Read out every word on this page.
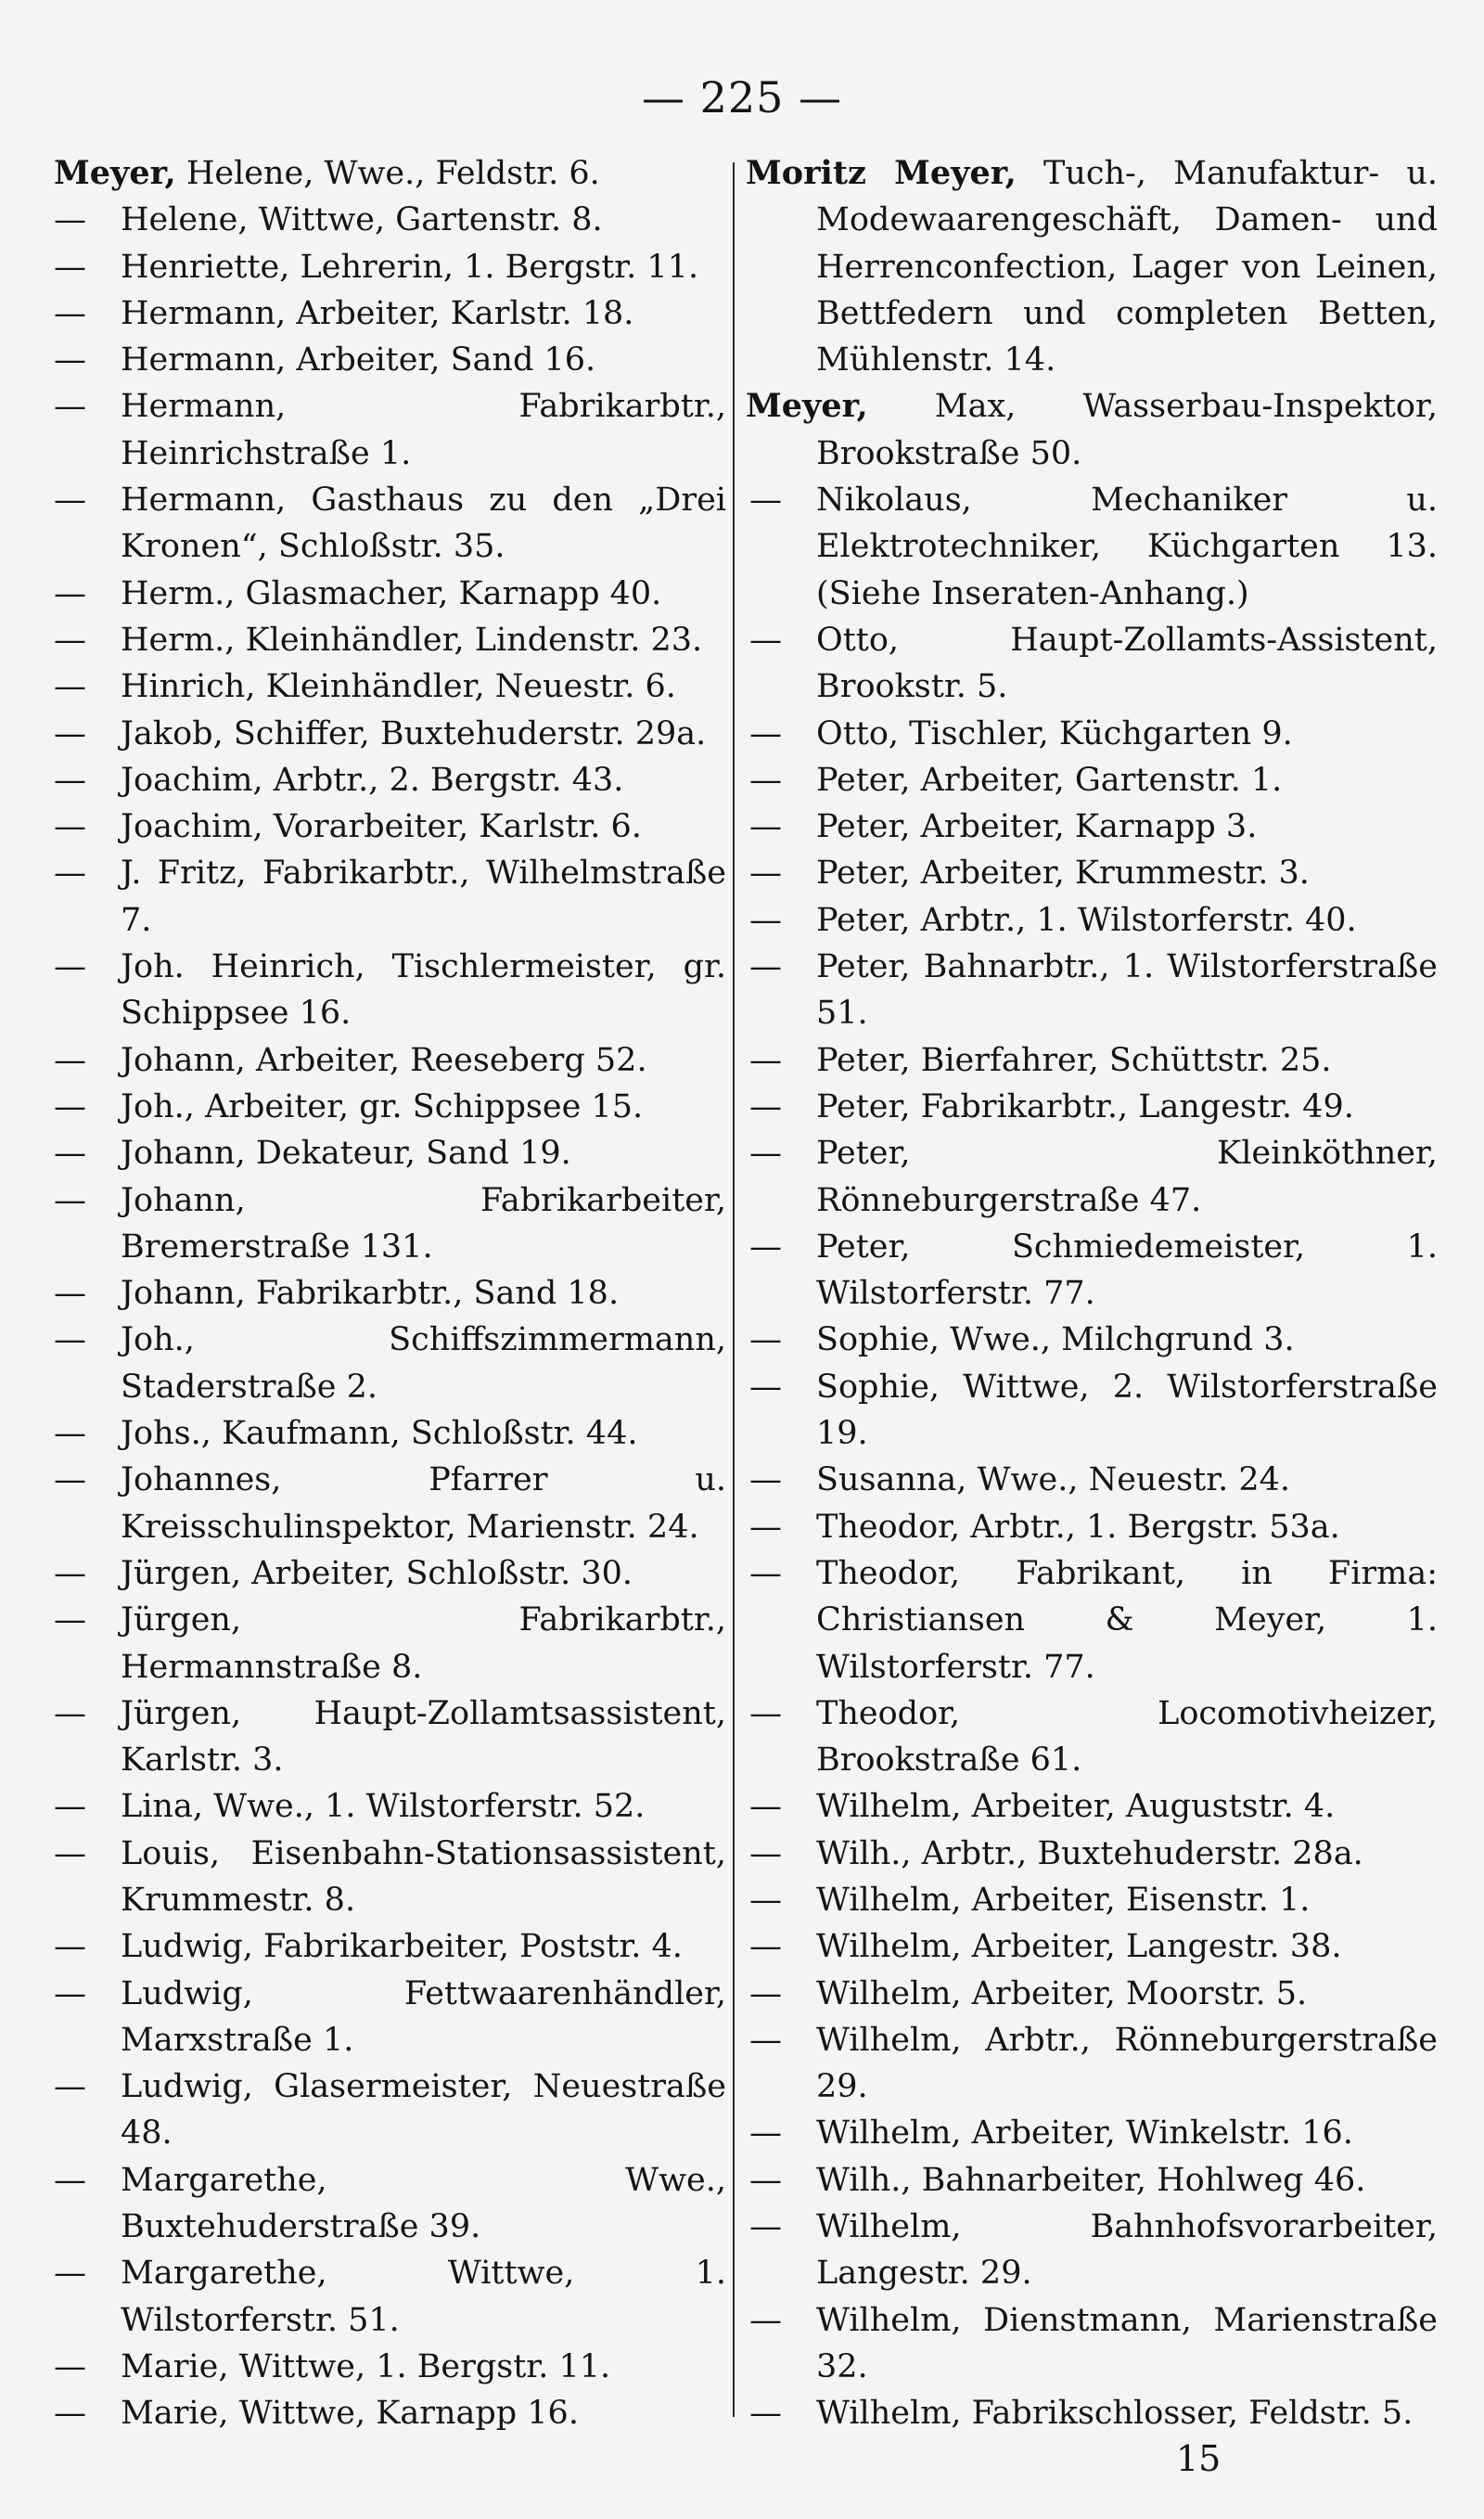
— 225 —

Meyer, Helene, Wwe., Feldstr. 6.

— Helene, Wittwe, Gartenstr. 8.

— Henriette, Lehrerin, 1. Bergstr. 11.

— Hermann, Arbeiter, Karlstr. 18.

— Hermann, Arbeiter, Sand 16.

— Hermann, Fabrikarbtr., Heinrichstraße 1.

— Hermann, Gasthaus zu den „Drei Kronen“, Schloßstr. 35.

— Herm., Glasmacher, Karnapp 40.

— Herm., Kleinhändler, Lindenstr. 23.

— Hinrich, Kleinhändler, Neuestr. 6.

— Jakob, Schiffer, Buxtehuderstr. 29a.

— Joachim, Arbtr., 2. Bergstr. 43.

— Joachim, Vorarbeiter, Karlstr. 6.

— J. Fritz, Fabrikarbtr., Wilhelmstraße 7.

— Joh. Heinrich, Tischlermeister, gr. Schippsee 16.

— Johann, Arbeiter, Reeseberg 52.

— Joh., Arbeiter, gr. Schippsee 15.

— Johann, Dekateur, Sand 19.

— Johann, Fabrikarbeiter, Bremerstraße 131.

— Johann, Fabrikarbtr., Sand 18.

— Joh., Schiffszimmermann, Staderstraße 2.

— Johs., Kaufmann, Schloßstr. 44.

— Johannes, Pfarrer u. Kreisschulinspektor, Marienstr. 24.

— Jürgen, Arbeiter, Schloßstr. 30.

— Jürgen, Fabrikarbtr., Hermannstraße 8.

— Jürgen, Haupt-Zollamtsassistent, Karlstr. 3.

— Lina, Wwe., 1. Wilstorferstr. 52.

— Louis, Eisenbahn-Stationsassistent, Krummestr. 8.

— Ludwig, Fabrikarbeiter, Poststr. 4.

— Ludwig, Fettwaarenhändler, Marxstraße 1.

— Ludwig, Glasermeister, Neuestraße 48.

— Margarethe, Wwe., Buxtehuderstraße 39.

— Margarethe, Wittwe, 1. Wilstorferstr. 51.

— Marie, Wittwe, 1. Bergstr. 11.

— Marie, Wittwe, Karnapp 16.

Moritz Meyer, Tuch-, Manufaktur- u. Modewaarengeschäft, Damen- und Herrenconfection, Lager von Leinen, Bettfedern und completen Betten, Mühlenstr. 14.

Meyer, Max, Wasserbau-Inspektor, Brookstraße 50.

— Nikolaus, Mechaniker u. Elektrotechniker, Küchgarten 13. (Siehe Inseraten-Anhang.)

— Otto, Haupt-Zollamts-Assistent, Brookstr. 5.

— Otto, Tischler, Küchgarten 9.

— Peter, Arbeiter, Gartenstr. 1.

— Peter, Arbeiter, Karnapp 3.

— Peter, Arbeiter, Krummestr. 3.

— Peter, Arbtr., 1. Wilstorferstr. 40.

— Peter, Bahnarbtr., 1. Wilstorferstraße 51.

— Peter, Bierfahrer, Schüttstr. 25.

— Peter, Fabrikarbtr., Langestr. 49.

— Peter, Kleinköthner, Rönneburgerstraße 47.

— Peter, Schmiedemeister, 1. Wilstorferstr. 77.

— Sophie, Wwe., Milchgrund 3.

— Sophie, Wittwe, 2. Wilstorferstraße 19.

— Susanna, Wwe., Neuestr. 24.

— Theodor, Arbtr., 1. Bergstr. 53a.

— Theodor, Fabrikant, in Firma: Christiansen & Meyer, 1. Wilstorferstr. 77.

— Theodor, Locomotivheizer, Brookstraße 61.

— Wilhelm, Arbeiter, Auguststr. 4.

— Wilh., Arbtr., Buxtehuderstr. 28a.

— Wilhelm, Arbeiter, Eisenstr. 1.

— Wilhelm, Arbeiter, Langestr. 38.

— Wilhelm, Arbeiter, Moorstr. 5.

— Wilhelm, Arbtr., Rönneburgerstraße 29.

— Wilhelm, Arbeiter, Winkelstr. 16.

— Wilh., Bahnarbeiter, Hohlweg 46.

— Wilhelm, Bahnhofsvorarbeiter, Langestr. 29.

— Wilhelm, Dienstmann, Marienstraße 32.

— Wilhelm, Fabrikschlosser, Feldstr. 5.

15
